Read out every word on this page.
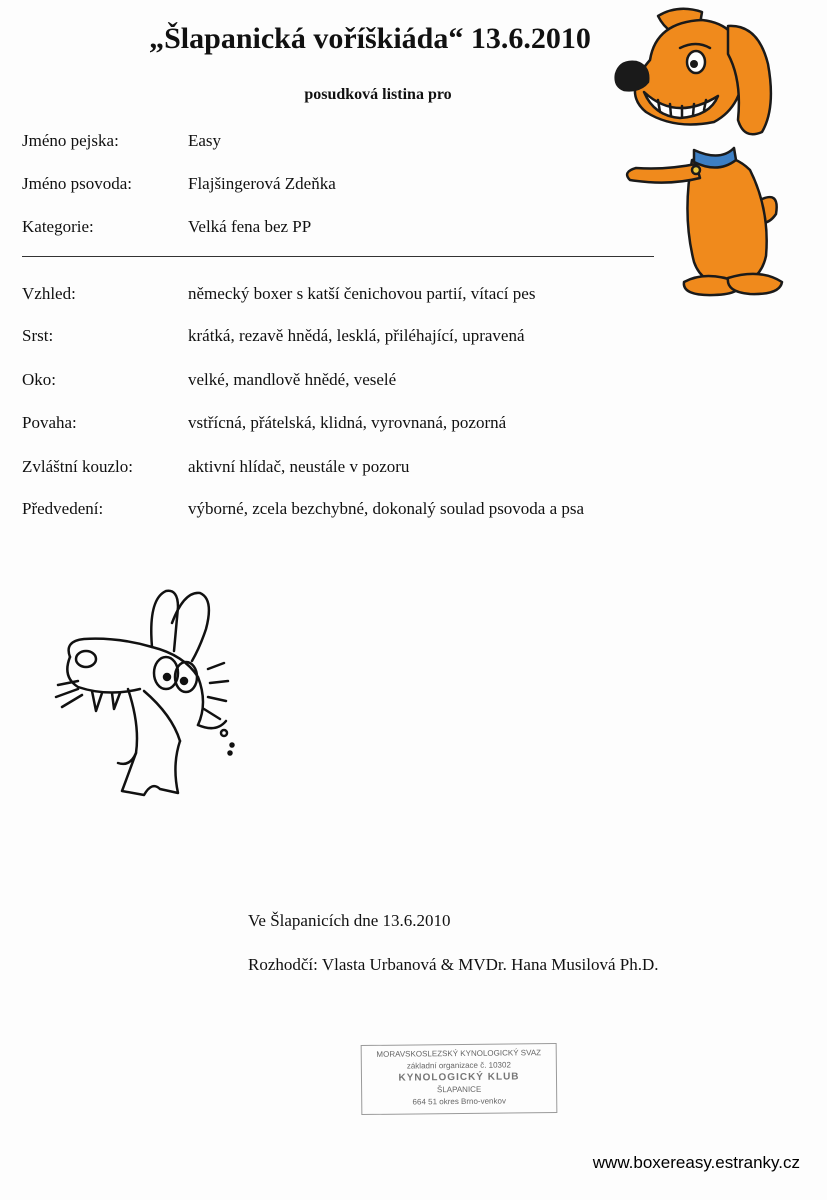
„Šlapanická voříškiáda“ 13.6.2010

posudková listina pro

Jméno pejska:	Easy
Jméno psovoda:	Flajšingerová Zdeňka
Kategorie:	Velká fena bez PP
Vzhled:	německý boxer s katší čenichovou partií, vítací pes
Srst:	krátká, rezavě hnědá, lesklá, přiléhající, upravená
Oko:	velké, mandlově hnědé, veselé
Povaha:	vstřícná, přátelská, klidná, vyrovnaná, pozorná
Zvláštní kouzlo:	aktivní hlídač, neustále v pozoru
Předvedení:	výborné, zcela bezchybné, dokonalý soulad psovoda a psa
Ve Šlapanicích dne 13.6.2010
Rozhodčí: Vlasta Urbanová & MVDr. Hana Musilová Ph.D.
MORAVSKOSLEZSKÝ KYNOLOGICKÝ SVAZ
základní organizace č. 10302
KYNOLOGICKÝ KLUB
ŠLAPANICE
664 51 okres Brno-venkov
www.boxereasy.estranky.cz
